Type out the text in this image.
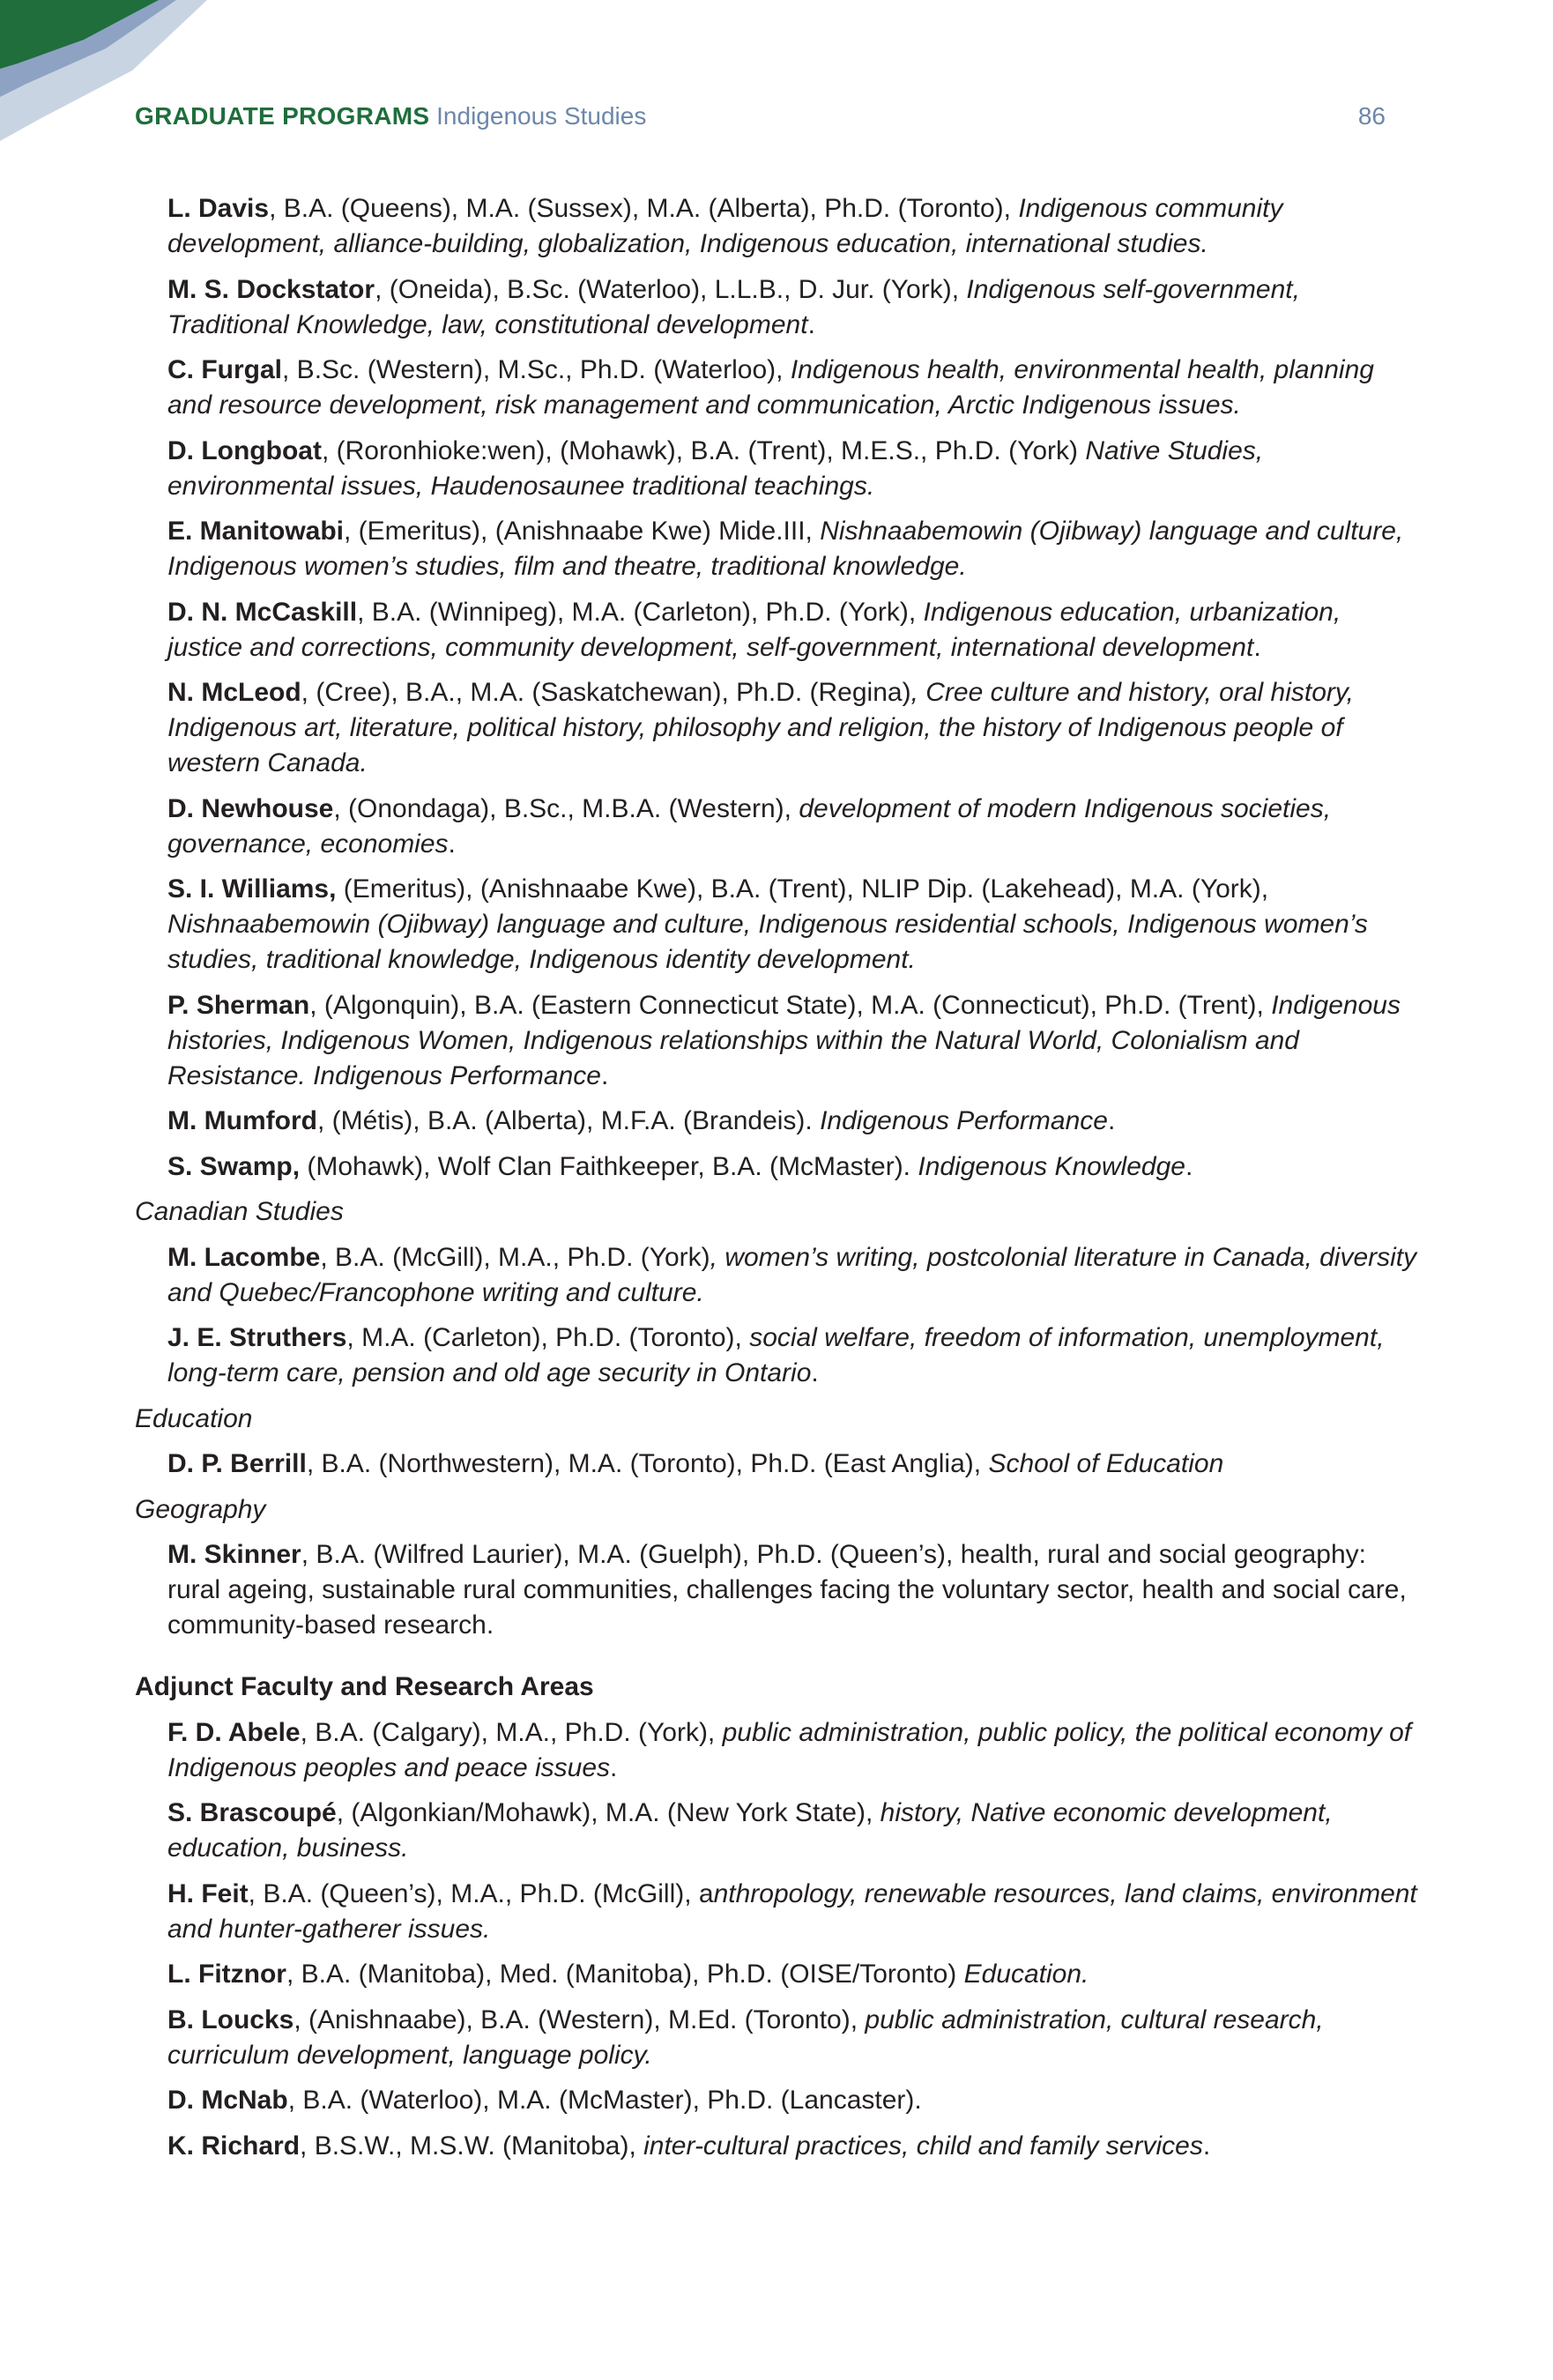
GRADUATE PROGRAMS Indigenous Studies	86
L. Davis, B.A. (Queens), M.A. (Sussex), M.A. (Alberta), Ph.D. (Toronto), Indigenous community development, alliance-building, globalization, Indigenous education, international studies.
M. S. Dockstator, (Oneida), B.Sc. (Waterloo), L.L.B., D. Jur. (York), Indigenous self-government, Traditional Knowledge, law, constitutional development.
C. Furgal, B.Sc. (Western), M.Sc., Ph.D. (Waterloo), Indigenous health, environmental health, planning and resource development, risk management and communication, Arctic Indigenous issues.
D. Longboat, (Roronhioke:wen), (Mohawk), B.A. (Trent), M.E.S., Ph.D. (York) Native Studies, environmental issues, Haudenosaunee traditional teachings.
E. Manitowabi, (Emeritus), (Anishnaabe Kwe) Mide.III, Nishnaabemowin (Ojibway) language and culture, Indigenous women’s studies, film and theatre, traditional knowledge.
D. N. McCaskill, B.A. (Winnipeg), M.A. (Carleton), Ph.D. (York), Indigenous education, urbanization, justice and corrections, community development, self-government, international development.
N. McLeod, (Cree), B.A., M.A. (Saskatchewan), Ph.D. (Regina), Cree culture and history, oral history, Indigenous art, literature, political history, philosophy and religion, the history of Indigenous people of western Canada.
D. Newhouse, (Onondaga), B.Sc., M.B.A. (Western), development of modern Indigenous societies, governance, economies.
S. I. Williams, (Emeritus), (Anishnaabe Kwe), B.A. (Trent), NLIP Dip. (Lakehead), M.A. (York), Nishnaabemowin (Ojibway) language and culture, Indigenous residential schools, Indigenous women’s studies, traditional knowledge, Indigenous identity development.
P. Sherman, (Algonquin), B.A. (Eastern Connecticut State), M.A. (Connecticut), Ph.D. (Trent), Indigenous histories, Indigenous Women, Indigenous relationships within the Natural World, Colonialism and Resistance. Indigenous Performance.
M. Mumford, (Métis), B.A. (Alberta), M.F.A. (Brandeis). Indigenous Performance.
S. Swamp, (Mohawk), Wolf Clan Faithkeeper, B.A. (McMaster). Indigenous Knowledge.
Canadian Studies
M. Lacombe, B.A. (McGill), M.A., Ph.D. (York), women’s writing, postcolonial literature in Canada, diversity and Quebec/Francophone writing and culture.
J. E. Struthers, M.A. (Carleton), Ph.D. (Toronto), social welfare, freedom of information, unemployment, long-term care, pension and old age security in Ontario.
Education
D. P. Berrill, B.A. (Northwestern), M.A. (Toronto), Ph.D. (East Anglia), School of Education
Geography
M. Skinner, B.A. (Wilfred Laurier), M.A. (Guelph), Ph.D. (Queen’s), health, rural and social geography: rural ageing, sustainable rural communities, challenges facing the voluntary sector, health and social care, community-based research.
Adjunct Faculty and Research Areas
F. D. Abele, B.A. (Calgary), M.A., Ph.D. (York), public administration, public policy, the political economy of Indigenous peoples and peace issues.
S. Brascoupé, (Algonkian/Mohawk), M.A. (New York State), history, Native economic development, education, business.
H. Feit, B.A. (Queen’s), M.A., Ph.D. (McGill), anthropology, renewable resources, land claims, environment and hunter-gatherer issues.
L. Fitznor, B.A. (Manitoba), Med. (Manitoba), Ph.D. (OISE/Toronto) Education.
B. Loucks, (Anishnaabe), B.A. (Western), M.Ed. (Toronto), public administration, cultural research, curriculum development, language policy.
D. McNab, B.A. (Waterloo), M.A. (McMaster), Ph.D. (Lancaster).
K. Richard, B.S.W., M.S.W. (Manitoba), inter-cultural practices, child and family services.
